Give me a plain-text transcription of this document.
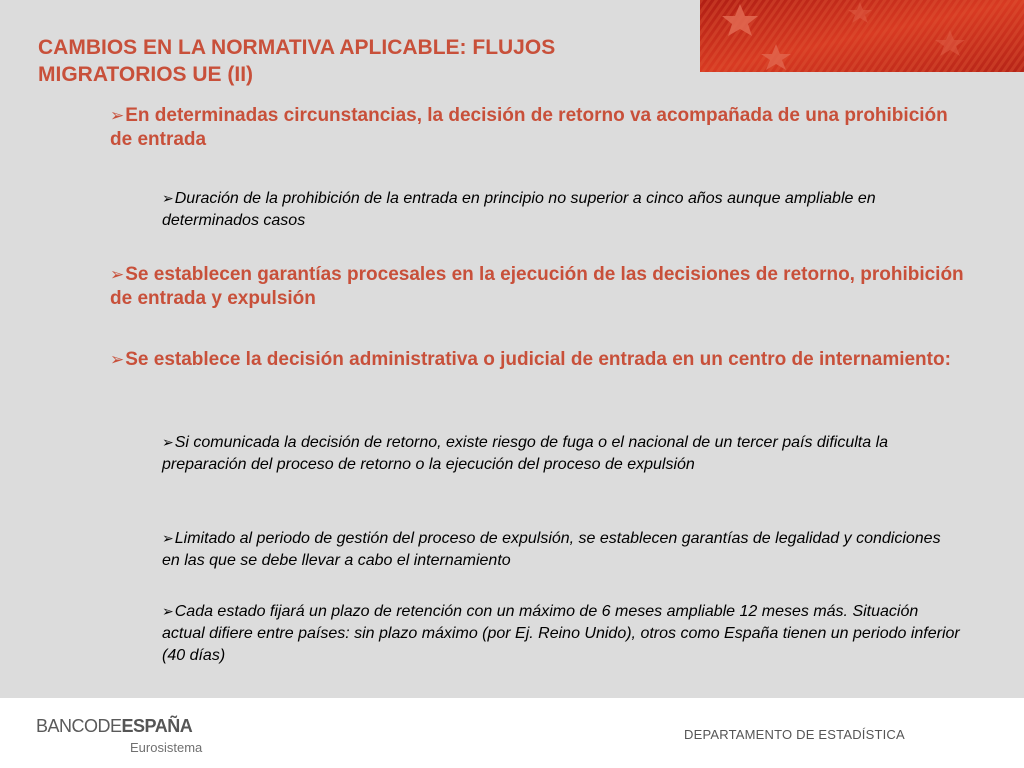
CAMBIOS EN LA NORMATIVA APLICABLE: FLUJOS MIGRATORIOS UE (II)

➢En determinadas circunstancias, la decisión de retorno va acompañada de una prohibición de entrada

➢Duración de la prohibición de la entrada en principio no superior a cinco años aunque ampliable en determinados casos

➢Se establecen garantías procesales en la ejecución de las decisiones de retorno, prohibición de entrada y expulsión

➢Se establece la decisión administrativa o judicial de entrada en un centro de internamiento:

➢Si comunicada la decisión de retorno, existe riesgo de fuga o el nacional de un tercer país dificulta la preparación del proceso de retorno o la ejecución del proceso de expulsión

➢Limitado al periodo de gestión del proceso de expulsión, se establecen garantías de legalidad y condiciones en las que se debe llevar a cabo el internamiento

➢Cada estado fijará un plazo de retención con un máximo de 6 meses ampliable 12 meses más. Situación actual difiere entre países: sin plazo máximo (por Ej. Reino Unido), otros como España tienen un periodo inferior (40 días)

BANCODEESPAÑA
Eurosistema
DEPARTAMENTO DE ESTADÍSTICA
